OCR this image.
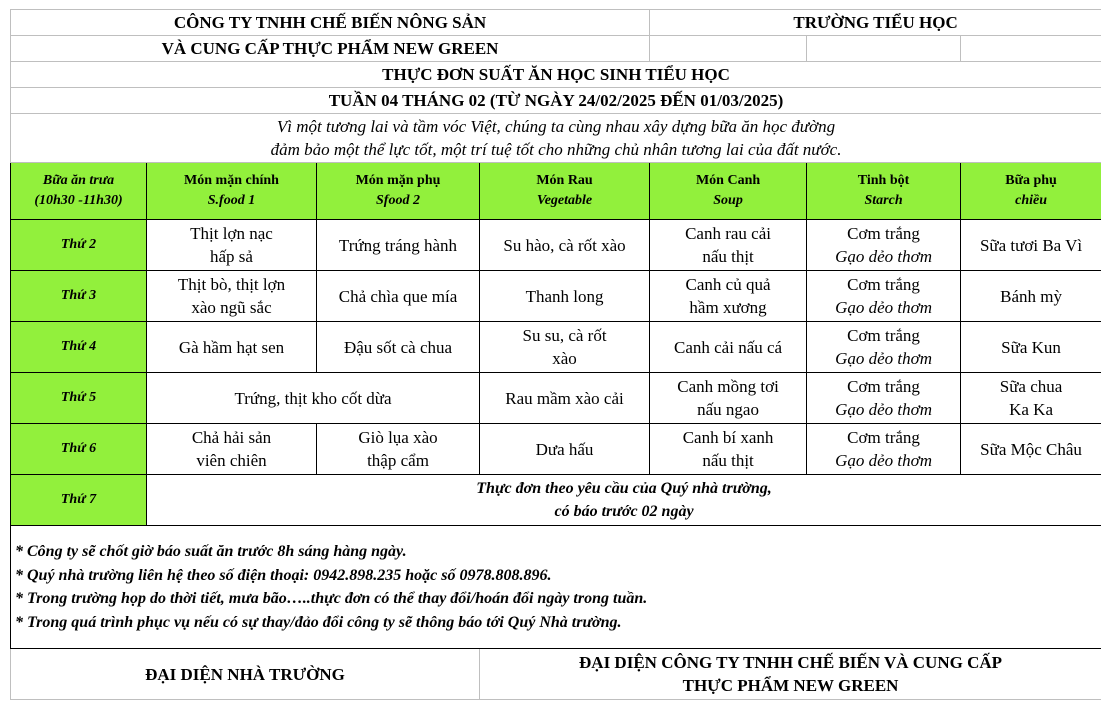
CÔNG TY TNHH CHẾ BIẾN NÔNG SẢN				TRƯỜNG TIỂU HỌC		
VÀ CUNG CẤP THỰC PHẨM NEW GREEN						
THỰC ĐƠN SUẤT ĂN HỌC SINH TIỂU HỌC						
TUẦN 04 THÁNG 02 (TỪ NGÀY 24/02/2025 ĐẾN 01/03/2025)						

Vì một tương lai và tầm vóc Việt, chúng ta cùng nhau xây dựng bữa ăn học đường
đảm bảo một thể lực tốt, một trí tuệ tốt cho những chủ nhân tương lai của đất nước.						

Bữa ăn trưa
(10h30 -11h30)	Món mặn chính
S.food 1	Món mặn phụ
Sfood 2	Món Rau
Vegetable	Món Canh
Soup	Tinh bột
Starch	Bữa phụ
chiều

Thứ 2	Thịt lợn nạc
hấp sả	Trứng tráng hành	Su hào, cà rốt xào	Canh rau cải
nấu thịt	Cơm trắng
Gạo dẻo thơm	Sữa tươi Ba Vì
Thứ 3	Thịt bò, thịt lợn
xào ngũ sắc	Chả chìa que mía	Thanh long	Canh củ quả
hầm xương	Cơm trắng
Gạo dẻo thơm	Bánh mỳ
Thứ 4	Gà hầm hạt sen	Đậu sốt cà chua	Su su, cà rốt
xào	Canh cải nấu cá	Cơm trắng
Gạo dẻo thơm	Sữa Kun
Thứ 5	Trứng, thịt kho cốt dừa		Rau mầm xào cải	Canh mồng tơi
nấu ngao	Cơm trắng
Gạo dẻo thơm	Sữa chua
Ka Ka

Thứ 6	Chả hải sản
viên chiên	Giò lụa xào
thập cẩm	Dưa hấu	Canh bí xanh
nấu thịt	Cơm trắng
Gạo dẻo thơm	Sữa Mộc Châu
Thứ 7	Thực đơn theo yêu cầu của Quý nhà trường,
có báo trước 02 ngày					

* Công ty sẽ chốt giờ báo suất ăn trước 8h sáng hàng ngày.
* Quý nhà trường liên hệ theo số điện thoại: 0942.898.235 hoặc số 0978.808.896.
* Trong trường họp do thời tiết, mưa bão…..thực đơn có thể thay đổi/hoán đổi ngày trong tuần.
* Trong quá trình phục vụ nếu có sự thay/đảo đổi công ty sẽ thông báo tới Quý Nhà trường.						

ĐẠI DIỆN NHÀ TRƯỜNG			ĐẠI DIỆN CÔNG TY TNHH CHẾ BIẾN VÀ CUNG CẤP
THỰC PHẨM NEW GREEN			
